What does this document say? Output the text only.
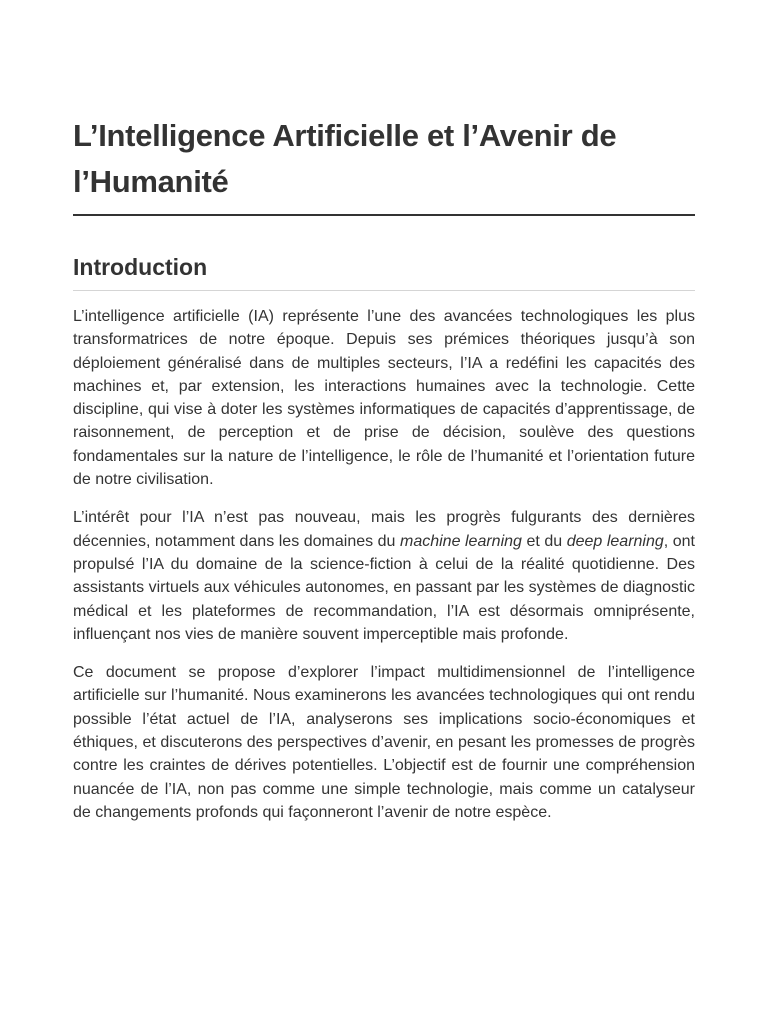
L’Intelligence Artificielle et l’Avenir de l’Humanité
Introduction

L’intelligence artificielle (IA) représente l’une des avancées technologiques les plus transformatrices de notre époque. Depuis ses prémices théoriques jusqu’à son déploiement généralisé dans de multiples secteurs, l’IA a redéfini les capacités des machines et, par extension, les interactions humaines avec la technologie. Cette discipline, qui vise à doter les systèmes informatiques de capacités d’apprentissage, de raisonnement, de perception et de prise de décision, soulève des questions fondamentales sur la nature de l’intelligence, le rôle de l’humanité et l’orientation future de notre civilisation.

L’intérêt pour l’IA n’est pas nouveau, mais les progrès fulgurants des dernières décennies, notamment dans les domaines du machine learning et du deep learning, ont propulsé l’IA du domaine de la science-fiction à celui de la réalité quotidienne. Des assistants virtuels aux véhicules autonomes, en passant par les systèmes de diagnostic médical et les plateformes de recommandation, l’IA est désormais omniprésente, influençant nos vies de manière souvent imperceptible mais profonde.

Ce document se propose d’explorer l’impact multidimensionnel de l’intelligence artificielle sur l’humanité. Nous examinerons les avancées technologiques qui ont rendu possible l’état actuel de l’IA, analyserons ses implications socio-économiques et éthiques, et discuterons des perspectives d’avenir, en pesant les promesses de progrès contre les craintes de dérives potentielles. L’objectif est de fournir une compréhension nuancée de l’IA, non pas comme une simple technologie, mais comme un catalyseur de changements profonds qui façonneront l’avenir de notre espèce.
